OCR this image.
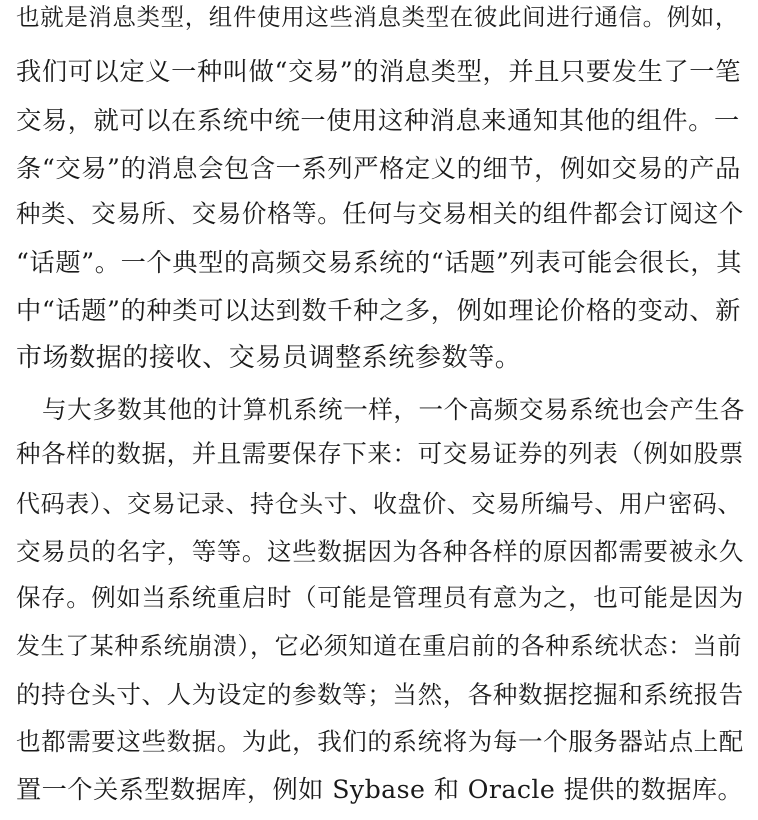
也就是消息类型，组件使用这些消息类型在彼此间进行通信。例如，
我们可以定义一种叫做“交易”的消息类型，并且只要发生了一笔
交易，就可以在系统中统一使用这种消息来通知其他的组件。一
条“交易”的消息会包含一系列严格定义的细节，例如交易的产品
种类、交易所、交易价格等。任何与交易相关的组件都会订阅这个
“话题”。一个典型的高频交易系统的“话题”列表可能会很长，其
中“话题”的种类可以达到数千种之多，例如理论价格的变动、新
市场数据的接收、交易员调整系统参数等。
与大多数其他的计算机系统一样，一个高频交易系统也会产生各
种各样的数据，并且需要保存下来：可交易证券的列表（例如股票
代码表）、交易记录、持仓头寸、收盘价、交易所编号、用户密码、
交易员的名字，等等。这些数据因为各种各样的原因都需要被永久
保存。例如当系统重启时（可能是管理员有意为之，也可能是因为
发生了某种系统崩溃），它必须知道在重启前的各种系统状态：当前
的持仓头寸、人为设定的参数等；当然，各种数据挖掘和系统报告
也都需要这些数据。为此，我们的系统将为每一个服务器站点上配
置一个关系型数据库，例如 Sybase 和 Oracle 提供的数据库。
